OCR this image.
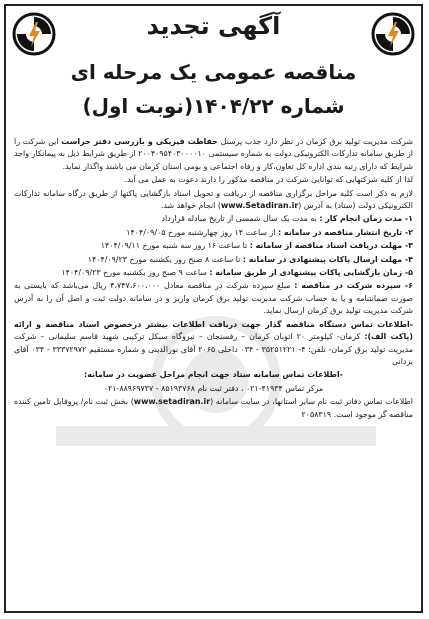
آگهی تجدید
مناقصه عمومی یک مرحله ای
شماره ۱۴۰۴/۲۲(نوبت اول)

شرکت مدیریت تولید برق کرمان در نظر دارد جذب پرسنل حفاظت فیزیکی و بازرسی دفتر حراست این شرکت را از طریق سامانه تدارکات الکترونیکی دولت به شماره سیستمی ۲۰۰۴۰۹۵۴۰۳۰۰۰۰۱۰ از طریق شرایط ذیل به پیمانکار واجد شرایط که دارای رتبه بندی اداره کل تعاون،کار و رفاه اجتماعی و بومی استان کرمان می باشند واگذار نماید.

لذا از کلیه شرکتهایی که توانایی شرکت در مناقصه مذکور را دارند دعوت به عمل می آید.

لازم به ذکر است کلیه مراحل برگزاری مناقصه از دریافت و تحویل اسناد بازگشایی پاکتها از طریق درگاه سامانه تدارکات الکترونیکی دولت (ستاد) به آدرس (www.Setadiran.ir) انجام خواهد شد.

۱- مدت زمان انجام کار : به مدت یک سال شمسی از تاریخ مبادله قرارداد

۲- تاریخ انتشار مناقصه در سامانه : از ساعت ۱۴ روز چهارشنبه مورخ ۱۴۰۴/۰۹/۰۵

۳- مهلت دریافت اسناد مناقصه از سامانه : تا ساعت ۱۶ روز سه شنبه مورخ ۱۴۰۴/۰۹/۱۱

۴- مهلت ارسال پاکات پیشنهادی در سامانه : تا ساعت ۸ صبح روز یکشنبه مورخ ۱۴۰۴/۰۹/۲۳

۵- زمان بازگشایی پاکات پیشنهادی از طریق سامانه : ساعت ۹ صبح روز یکشنبه مورخ ۱۴۰۴/۰۹/۲۳

۶- سپرده شرکت در مناقصه : مبلغ سپرده شرکت در مناقصه معادل ۴،۷۴۷،۶۰۰،۰۰۰ ریال می‌باشد که بایستی به صورت ضمانتنامه و یا به حساب شرکت مدیریت تولید برق کرمان واریز و در سامانه دولت ثبت و اصل آن را به آدرس شرکت مدیریت تولید برق کرمان ارسال نماید.

-اطلاعات تماس دستگاه مناقصه گذار جهت دریافت اطلاعات بیشتر درخصوص اسناد مناقصه و ارائه (پاکت الف): کرمان- کیلومتر ۲۰ اتوبان کرمان – رفسنجان – نیروگاه سیکل ترکیبی شهید قاسم سلیمانی – شرکت مدیریت تولید برق کرمان- تلفن: ۴- ۳۵۲۵۱۲۲۱ - ۰۳۴ داخلی ۲۰۶۵ آقای نورالدینی و شماره مستقیم ۳۳۳۷۲۹۷۲ - ۰۳۴ آقای یزدانی

-اطلاعات تماس سامانه ستاد جهت انجام مراحل عضویت در سامانه:

مرکز تماس ۴۱۹۳۴-۰۲۱ ، دفتر ثبت نام ۸۵۱۹۳۷۶۸ - ۸۸۹۶۹۷۳۷-۰۲۱

اطلاعات تماس دفاتر ثبت نام سایر استانها، در سایت سامانه (www.setadiran.ir) بخش ثبت نام/ پروفایل تامین کننده مناقصه گر موجود است. ۲۰۵۸۳۱۹
